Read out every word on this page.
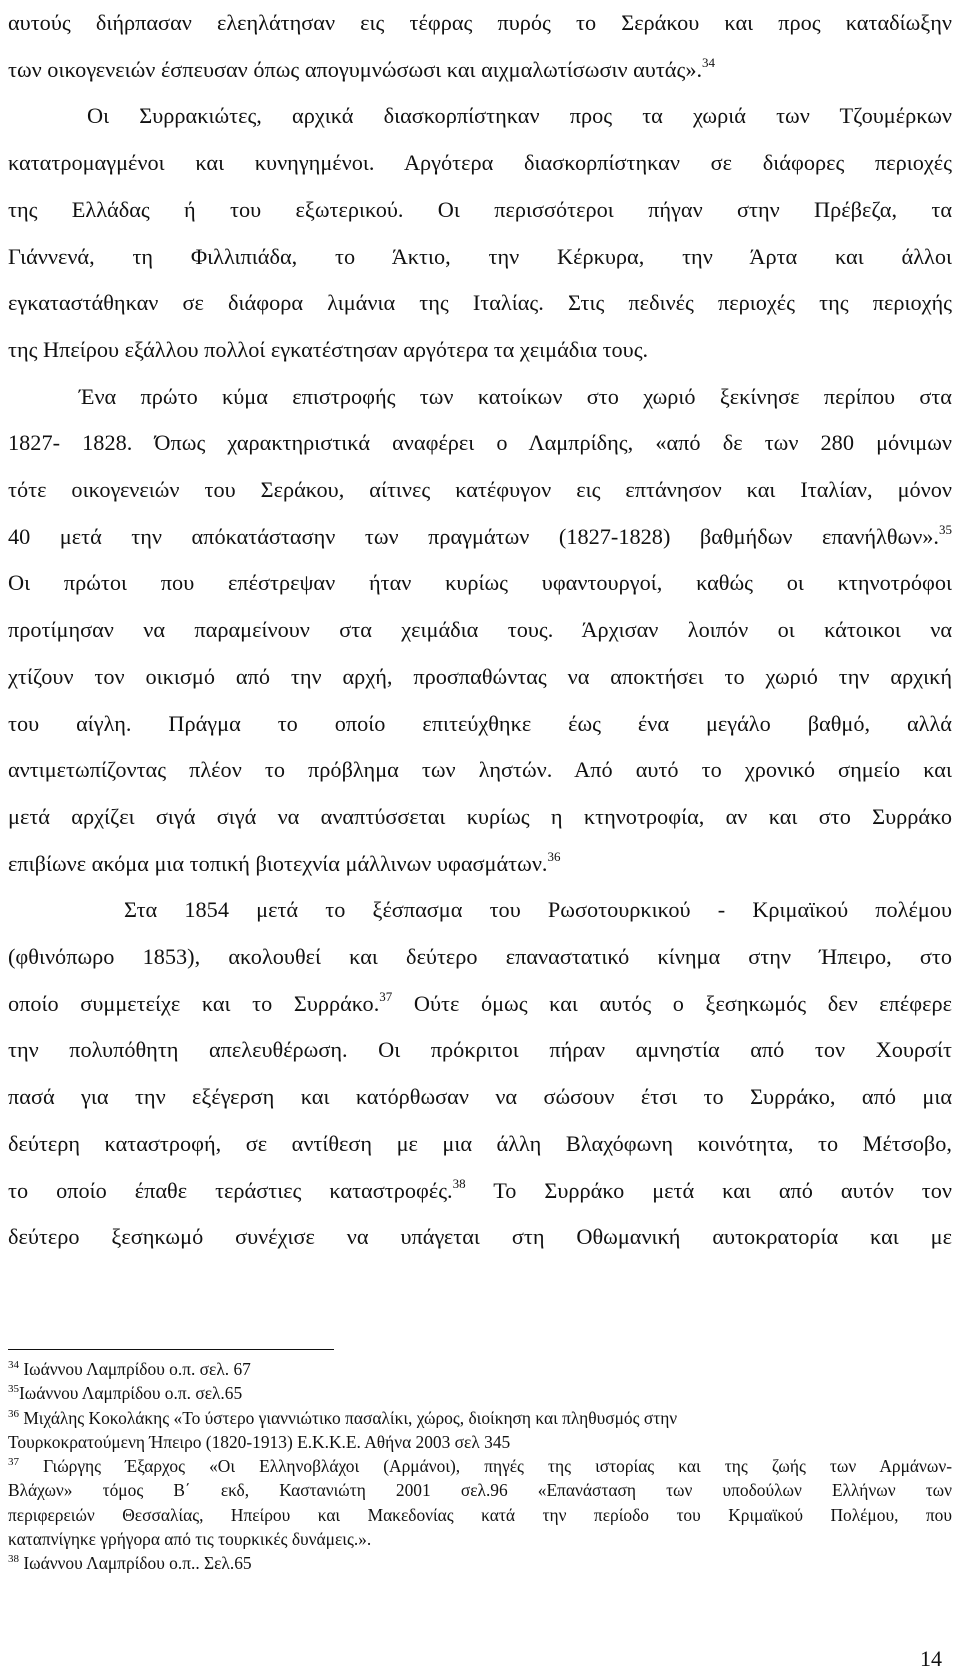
αυτούς διήρπασαν ελεηλάτησαν εις τέφρας πυρός το Σεράκου και προς καταδίωξην

των οικογενειών έσπευσαν όπως απογυμνώσωσι και αιχμαλωτίσωσιν αυτάς».$^{34}$

Οι Συρρακιώτες, αρχικά διασκορπίστηκαν προς τα χωριά των Τζουμέρκων

κατατρομαγμένοι και κυνηγημένοι. Αργότερα διασκορπίστηκαν σε διάφορες περιοχές

της Ελλάδας ή του εξωτερικού. Οι περισσότεροι πήγαν στην Πρέβεζα, τα

Γιάννενά, τη Φιλλιπιάδα, το Άκτιο, την Κέρκυρα, την Άρτα και άλλοι

εγκαταστάθηκαν σε διάφορα λιμάνια της Ιταλίας. Στις πεδινές περιοχές της περιοχής

της Ηπείρου εξάλλου πολλοί εγκατέστησαν αργότερα τα χειμάδια τους.

Ένα πρώτο κύμα επιστροφής των κατοίκων στο χωριό ξεκίνησε περίπου στα

1827- 1828. Όπως χαρακτηριστικά αναφέρει ο Λαμπρίδης, «από δε των 280 μόνιμων

τότε οικογενειών του Σεράκου, αίτινες κατέφυγον εις επτάνησον και Ιταλίαν, μόνον

40 μετά την απόκατάστασην των πραγμάτων (1827-1828) βαθμήδων επανήλθων».$^{35}$

Οι πρώτοι που επέστρεψαν ήταν κυρίως υφαντουργοί, καθώς οι κτηνοτρόφοι

προτίμησαν να παραμείνουν στα χειμάδια τους. Άρχισαν λοιπόν οι κάτοικοι να

χτίζουν τον οικισμό από την αρχή, προσπαθώντας να αποκτήσει το χωριό την αρχική

του αίγλη. Πράγμα το οποίο επιτεύχθηκε έως ένα μεγάλο βαθμό, αλλά

αντιμετωπίζοντας πλέον το πρόβλημα των ληστών. Από αυτό το χρονικό σημείο και

μετά αρχίζει σιγά σιγά να αναπτύσσεται κυρίως η κτηνοτροφία, αν και στο Συρράκο

επιβίωνε ακόμα μια τοπική βιοτεχνία μάλλινων υφασμάτων.$^{36}$

Στα 1854 μετά το ξέσπασμα του Ρωσοτουρκικού - Κριμαϊκού πολέμου

(φθινόπωρο 1853), ακολουθεί και δεύτερο επαναστατικό κίνημα στην Ήπειρο, στο

οποίο συμμετείχε και το Συρράκο.$^{37}$ Ούτε όμως και αυτός ο ξεσηκωμός δεν επέφερε

την πολυπόθητη απελευθέρωση. Οι πρόκριτοι πήραν αμνηστία από τον Χουρσίτ

πασά για την εξέγερση και κατόρθωσαν να σώσουν έτσι το Συρράκο, από μια

δεύτερη καταστροφή, σε αντίθεση με μια άλλη Βλαχόφωνη κοινότητα, το Μέτσοβο,

το οποίο έπαθε τεράστιες καταστροφές.$^{38}$ Το Συρράκο μετά και από αυτόν τον

δεύτερο ξεσηκωμό συνέχισε να υπάγεται στη Οθωμανική αυτοκρατορία και με

$^{34}$ Ιωάννου Λαμπρίδου ο.π. σελ. 67

$^{35}$Ιωάννου Λαμπρίδου ο.π. σελ.65

$^{36}$ Μιχάλης Κοκολάκης «Το ύστερο γιαννιώτικο πασαλίκι, χώρος, διοίκηση και πληθυσμός στην

Τουρκοκρατούμενη Ήπειρο (1820-1913) Ε.Κ.Κ.Ε. Αθήνα 2003 σελ 345

$^{37}$ Γιώργης Έξαρχος «Οι Ελληνοβλάχοι (Αρμάνοι), πηγές της ιστορίας και της ζωής των Αρμάνων-

Βλάχων» τόμος Β΄ εκδ, Καστανιώτη 2001 σελ.96 «Επανάσταση των υποδούλων Ελλήνων των

περιφερειών Θεσσαλίας, Ηπείρου και Μακεδονίας κατά την περίοδο του Κριμαϊκού Πολέμου, που

καταπνίγηκε γρήγορα από τις τουρκικές δυνάμεις.».

$^{38}$ Ιωάννου Λαμπρίδου ο.π.. Σελ.65

14
